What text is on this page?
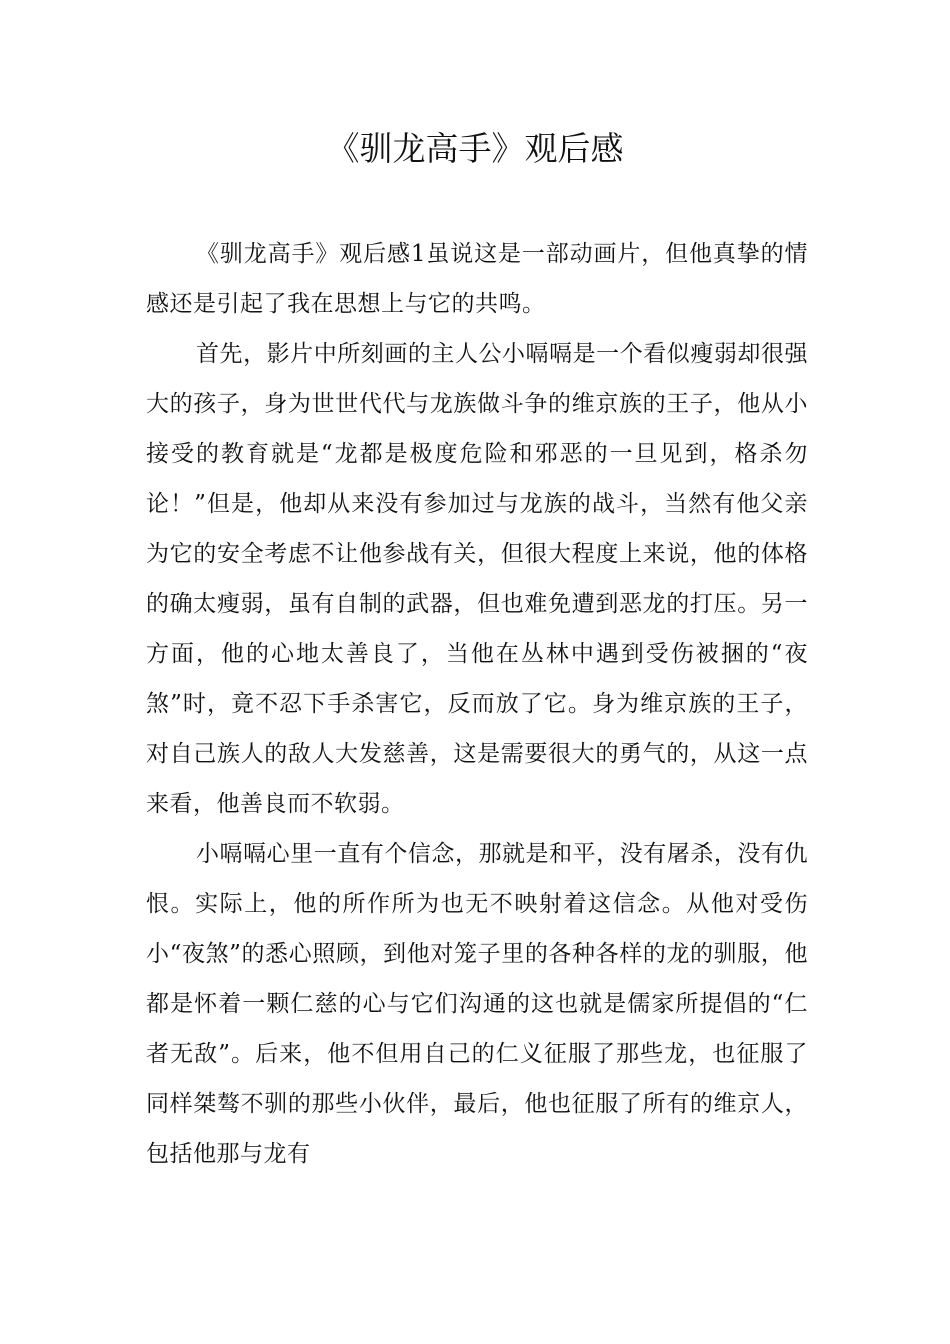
《驯龙高手》观后感

《驯龙高手》观后感1虽说这是一部动画片，但他真挚的情感还是引起了我在思想上与它的共鸣。

首先，影片中所刻画的主人公小嗝嗝是一个看似瘦弱却很强大的孩子，身为世世代代与龙族做斗争的维京族的王子，他从小接受的教育就是“龙都是极度危险和邪恶的一旦见到，格杀勿论！”但是，他却从来没有参加过与龙族的战斗，当然有他父亲为它的安全考虑不让他参战有关，但很大程度上来说，他的体格的确太瘦弱，虽有自制的武器，但也难免遭到恶龙的打压。另一方面，他的心地太善良了，当他在丛林中遇到受伤被捆的“夜煞”时，竟不忍下手杀害它，反而放了它。身为维京族的王子，对自己族人的敌人大发慈善，这是需要很大的勇气的，从这一点来看，他善良而不软弱。

小嗝嗝心里一直有个信念，那就是和平，没有屠杀，没有仇恨。实际上，他的所作所为也无不映射着这信念。从他对受伤小“夜煞”的悉心照顾，到他对笼子里的各种各样的龙的驯服，他都是怀着一颗仁慈的心与它们沟通的这也就是儒家所提倡的“仁者无敌”。后来，他不但用自己的仁义征服了那些龙，也征服了同样桀骜不驯的那些小伙伴，最后，他也征服了所有的维京人，包括他那与龙有
